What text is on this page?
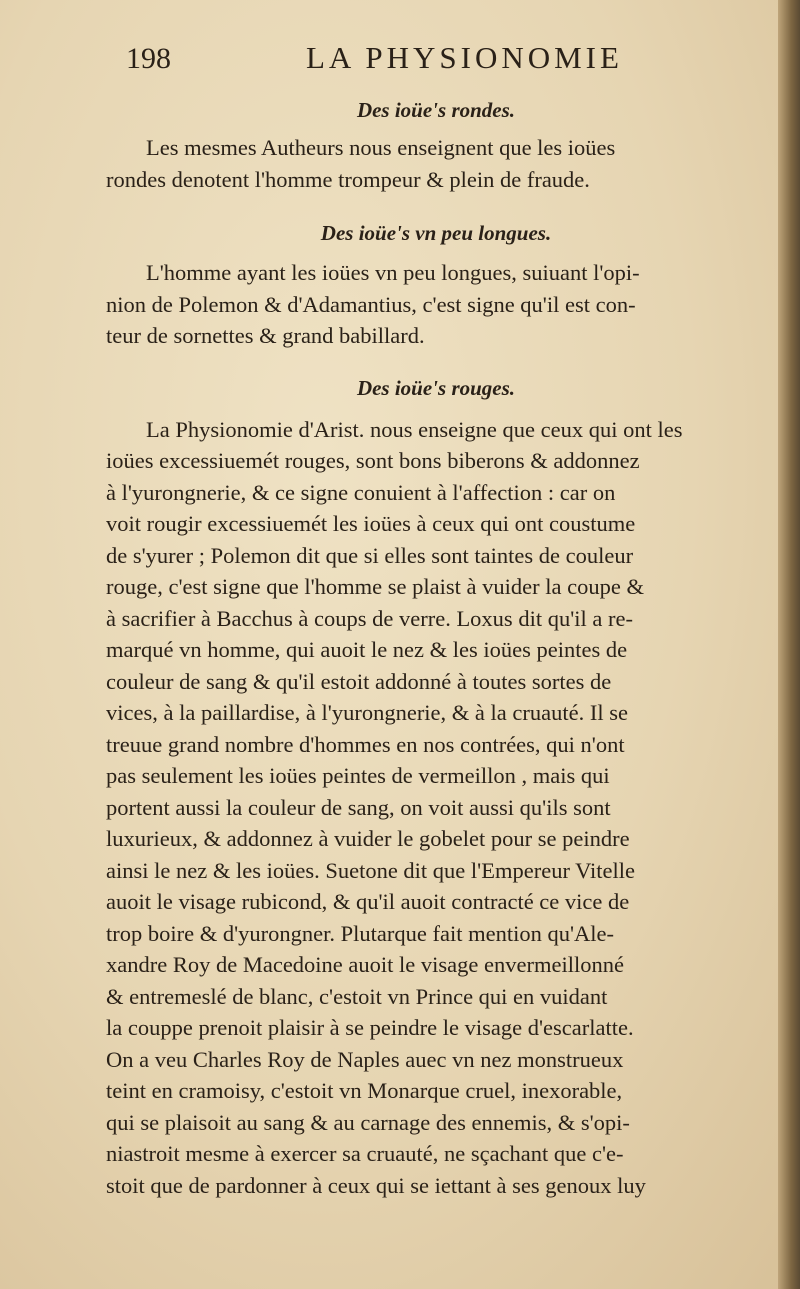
198	LA PHYSIONOMIE
Des ioüe's rondes.

Les mesmes Autheurs nous enseignent que les ioües
rondes denotent l'homme trompeur & plein de fraude.

Des ioüe's vn peu longues.

L'homme ayant les ioües vn peu longues, suiuant l'opi-
nion de Polemon & d'Adamantius, c'est signe qu'il est con-
teur de sornettes & grand babillard.

Des ioüe's rouges.

La Physionomie d'Arist. nous enseigne que ceux qui ont les
ioües excessiuemét rouges, sont bons biberons & addonnez
à l'yurongnerie, & ce signe conuient à l'affection : car on
voit rougir excessiuemét les ioües à ceux qui ont coustume
de s'yurer ; Polemon dit que si elles sont taintes de couleur
rouge, c'est signe que l'homme se plaist à vuider la coupe &
à sacrifier à Bacchus à coups de verre. Loxus dit qu'il a re-
marqué vn homme, qui auoit le nez & les ioües peintes de
couleur de sang & qu'il estoit addonné à toutes sortes de
vices, à la paillardise, à l'yurongnerie, & à la cruauté. Il se
treuue grand nombre d'hommes en nos contrées, qui n'ont
pas seulement les ioües peintes de vermeillon , mais qui
portent aussi la couleur de sang, on voit aussi qu'ils sont
luxurieux, & addonnez à vuider le gobelet pour se peindre
ainsi le nez & les ioües. Suetone dit que l'Empereur Vitelle
auoit le visage rubicond, & qu'il auoit contracté ce vice de
trop boire & d'yurongner. Plutarque fait mention qu'Ale-
xandre Roy de Macedoine auoit le visage envermeillonné
& entremeslé de blanc, c'estoit vn Prince qui en vuidant
la couppe prenoit plaisir à se peindre le visage d'escarlatte.
On a veu Charles Roy de Naples auec vn nez monstrueux
teint en cramoisy, c'estoit vn Monarque cruel, inexorable,
qui se plaisoit au sang & au carnage des ennemis, & s'opi-
niastroit mesme à exercer sa cruauté, ne sçachant que c'e-
stoit que de pardonner à ceux qui se iettant à ses genoux luy
